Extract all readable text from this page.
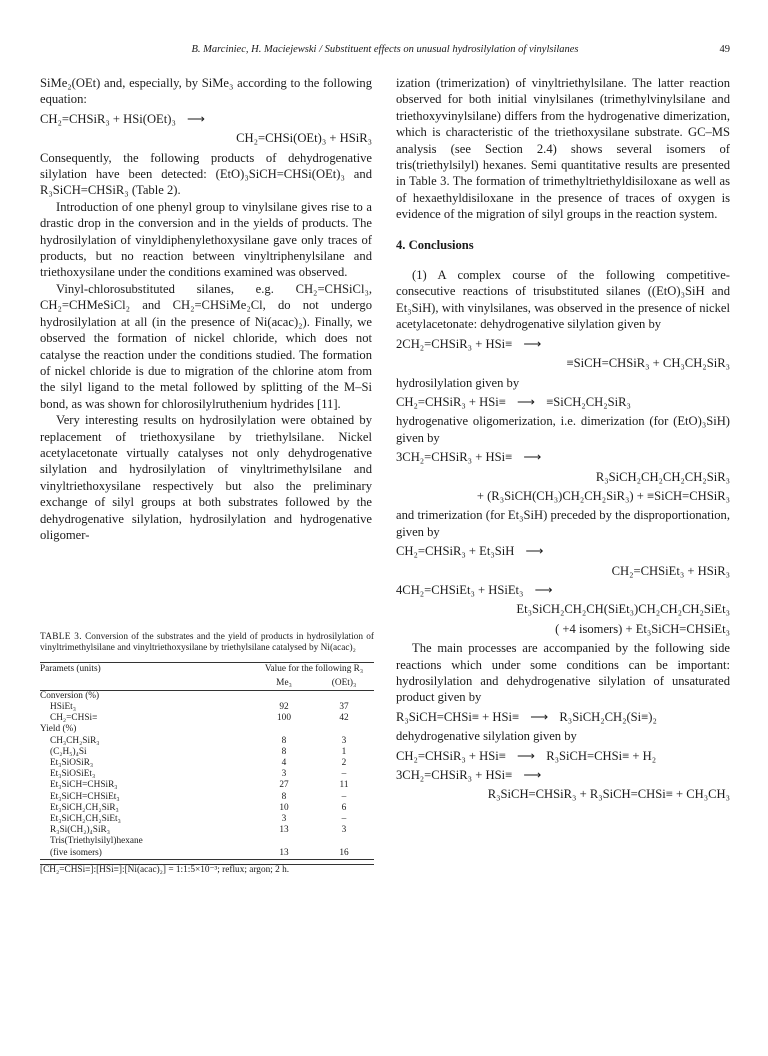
B. Marciniec, H. Maciejewski / Substituent effects on unusual hydrosilylation of vinylsilanes	49

SiMe₂(OEt) and, especially, by SiMe₃ according to the following equation:

CH₂=CHSiR₃ + HSi(OEt)₃ ⟶
CH₂=CHSi(OEt)₃ + HSiR₃

Consequently, the following products of dehydrogenative silylation have been detected: (EtO)₃SiCH=CHSi(OEt)₃ and R₃SiCH=CHSiR₃ (Table 2).

Introduction of one phenyl group to vinylsilane gives rise to a drastic drop in the conversion and in the yields of products. The hydrosilylation of vinyldiphenylethoxysilane gave only traces of products, but no reaction between vinyltriphenylsilane and triethoxysilane under the conditions examined was observed.

Vinyl-chlorosubstituted silanes, e.g. CH₂=CHSiCl₃, CH₂=CHMeSiCl₂ and CH₂=CHSiMe₂Cl, do not undergo hydrosilylation at all (in the presence of Ni(acac)₂). Finally, we observed the formation of nickel chloride, which does not catalyse the reaction under the conditions studied. The formation of nickel chloride is due to migration of the chlorine atom from the silyl ligand to the metal followed by splitting of the M–Si bond, as was shown for chlorosilylruthenium hydrides [11].

Very interesting results on hydrosilylation were obtained by replacement of triethoxysilane by triethylsilane. Nickel acetylacetonate virtually catalyses not only dehydrogenative silylation and hydrosilylation of vinyltrimethylsilane and vinyltriethoxysilane respectively but also the preliminary exchange of silyl groups at both substrates followed by the dehydrogenative silylation, hydrosilylation and hydrogenative oligomer-

TABLE 3. Conversion of the substrates and the yield of products in hydrosilylation of vinyltrimethylsilane and vinyltriethoxysilane by triethylsilane catalysed by Ni(acac)₂
Paramets (units)	Value for the following R₃	
	Me₃	(OEt)₃
Conversion (%)		
HSiEt₃	92	37
CH₂=CHSi≡	100	42
Yield (%)		
CH₃CH₂SiR₃	8	3
(C₂H₅)₄Si	8	1
Et₃SiOSiR₃	4	2
Et₃SiOSiEt₃	3	–
Et₃SiCH=CHSiR₃	27	11
Et₃SiCH=CHSiEt₃	8	–
Et₃SiCH₂CH₂SiR₃	10	6
Et₃SiCH₂CH₂SiEt₃	3	–
R₃Si(CH₂)₄SiR₃	13	3
Tris(Triethylsilyl)hexane		
(five isomers)	13	16
[CH₂=CHSi≡]:[HSi≡]:[Ni(acac)₂] = 1:1:5×10⁻³; reflux; argon; 2 h.

ization (trimerization) of vinyltriethylsilane. The latter reaction observed for both initial vinylsilanes (trimethylvinylsilane and triethoxyvinylsilane) differs from the hydrogenative dimerization, which is characteristic of the triethoxysilane substrate. GC–MS analysis (see Section 2.4) shows several isomers of tris(triethylsilyl) hexanes. Semi quantitative results are presented in Table 3. The formation of trimethyltriethyldisiloxane as well as of hexaethyldisiloxane in the presence of traces of oxygen is evidence of the migration of silyl groups in the reaction system.

4. Conclusions

(1) A complex course of the following competitive-consecutive reactions of trisubstituted silanes ((EtO)₃SiH and Et₃SiH), with vinylsilanes, was observed in the presence of nickel acetylacetonate: dehydrogenative silylation given by

2CH₂=CHSiR₃ + HSi≡ ⟶
≡SiCH=CHSiR₃ + CH₃CH₂SiR₃

hydrosilylation given by

CH₂=CHSiR₃ + HSi≡ ⟶ ≡SiCH₂CH₂SiR₃

hydrogenative oligomerization, i.e. dimerization (for (EtO)₃SiH) given by

3CH₂=CHSiR₃ + HSi≡ ⟶
R₃SiCH₂CH₂CH₂CH₂SiR₃
+ (R₃SiCH(CH₃)CH₂CH₂SiR₃) + ≡SiCH=CHSiR₃

and trimerization (for Et₃SiH) preceded by the disproportionation, given by

CH₂=CHSiR₃ + Et₃SiH ⟶
CH₂=CHSiEt₃ + HSiR₃
4CH₂=CHSiEt₃ + HSiEt₃ ⟶
Et₃SiCH₂CH₂CH(SiEt₃)CH₂CH₂CH₂SiEt₃
( +4 isomers) + Et₃SiCH=CHSiEt₃

The main processes are accompanied by the following side reactions which under some conditions can be important: hydrosilylation and dehydrogenative silylation of unsaturated product given by

R₃SiCH=CHSi≡ + HSi≡ ⟶ R₃SiCH₂CH₂(Si≡)₂

dehydrogenative silylation given by

CH₂=CHSiR₃ + HSi≡ ⟶ R₃SiCH=CHSi≡ + H₂
3CH₂=CHSiR₃ + HSi≡ ⟶
R₃SiCH=CHSiR₃ + R₃SiCH=CHSi≡ + CH₃CH₃
